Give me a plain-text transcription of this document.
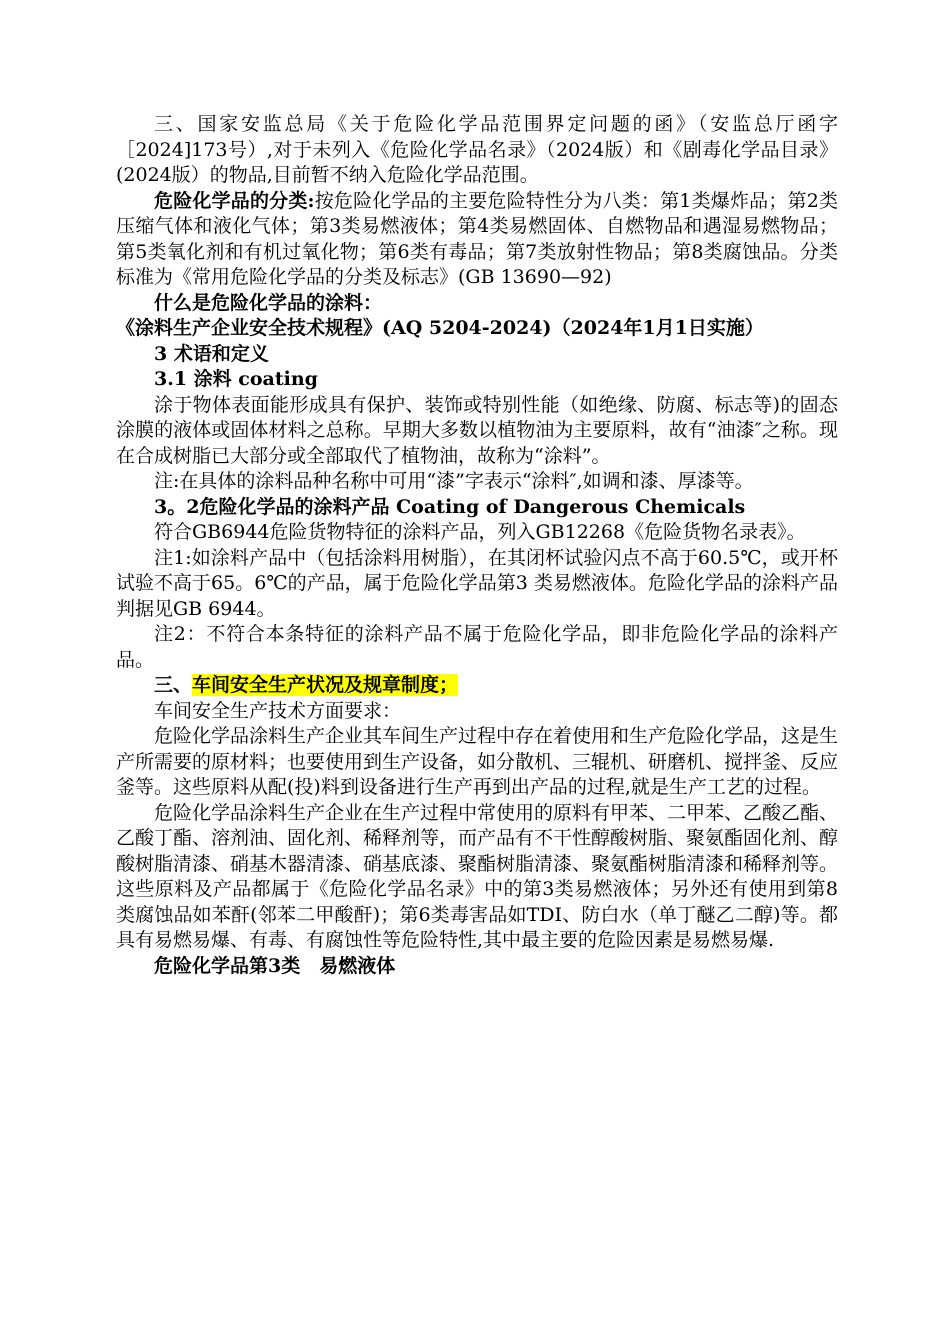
三、国家安监总局《关于危险化学品范围界定问题的函》（安监总厅函字［2024]173号）,对于未列入《危险化学品名录》（2024版）和《剧毒化学品目录》(2024版）的物品,目前暂不纳入危险化学品范围。

危险化学品的分类:按危险化学品的主要危险特性分为八类：第1类爆炸品；第2类压缩气体和液化气体；第3类易燃液体；第4类易燃固体、自燃物品和遇湿易燃物品；第5类氧化剂和有机过氧化物；第6类有毒品；第7类放射性物品；第8类腐蚀品。分类标准为《常用危险化学品的分类及标志》(GB 13690—92)

什么是危险化学品的涂料：

《涂料生产企业安全技术规程》(AQ 5204-2024)（2024年1月1日实施）

3 术语和定义

3.1 涂料 coating

涂于物体表面能形成具有保护、装饰或特别性能（如绝缘、防腐、标志等)的固态涂膜的液体或固体材料之总称。早期大多数以植物油为主要原料，故有“油漆″之称。现在合成树脂已大部分或全部取代了植物油，故称为“涂料”。

注:在具体的涂料品种名称中可用“漆”字表示“涂料″,如调和漆、厚漆等。

3。2危险化学品的涂料产品 Coating of Dangerous Chemicals

符合GB6944危险货物特征的涂料产品，列入GB12268《危险货物名录表》。

注1:如涂料产品中（包括涂料用树脂），在其闭杯试验闪点不高于60.5℃，或开杯试验不高于65。6℃的产品，属于危险化学品第3 类易燃液体。危险化学品的涂料产品判据见GB 6944。

注2：不符合本条特征的涂料产品不属于危险化学品，即非危险化学品的涂料产品。

三、车间安全生产状况及规章制度；

车间安全生产技术方面要求：

危险化学品涂料生产企业其车间生产过程中存在着使用和生产危险化学品，这是生产所需要的原材料；也要使用到生产设备，如分散机、三辊机、研磨机、搅拌釜、反应釜等。这些原料从配(投)料到设备进行生产再到出产品的过程,就是生产工艺的过程。

危险化学品涂料生产企业在生产过程中常使用的原料有甲苯、二甲苯、乙酸乙酯、乙酸丁酯、溶剂油、固化剂、稀释剂等，而产品有不干性醇酸树脂、聚氨酯固化剂、醇酸树脂清漆、硝基木器清漆、硝基底漆、聚酯树脂清漆、聚氨酯树脂清漆和稀释剂等。这些原料及产品都属于《危险化学品名录》中的第3类易燃液体；另外还有使用到第8类腐蚀品如苯酐(邻苯二甲酸酐)；第6类毒害品如TDI、防白水（单丁醚乙二醇)等。都具有易燃易爆、有毒、有腐蚀性等危险特性,其中最主要的危险因素是易燃易爆.

危险化学品第3类　易燃液体
